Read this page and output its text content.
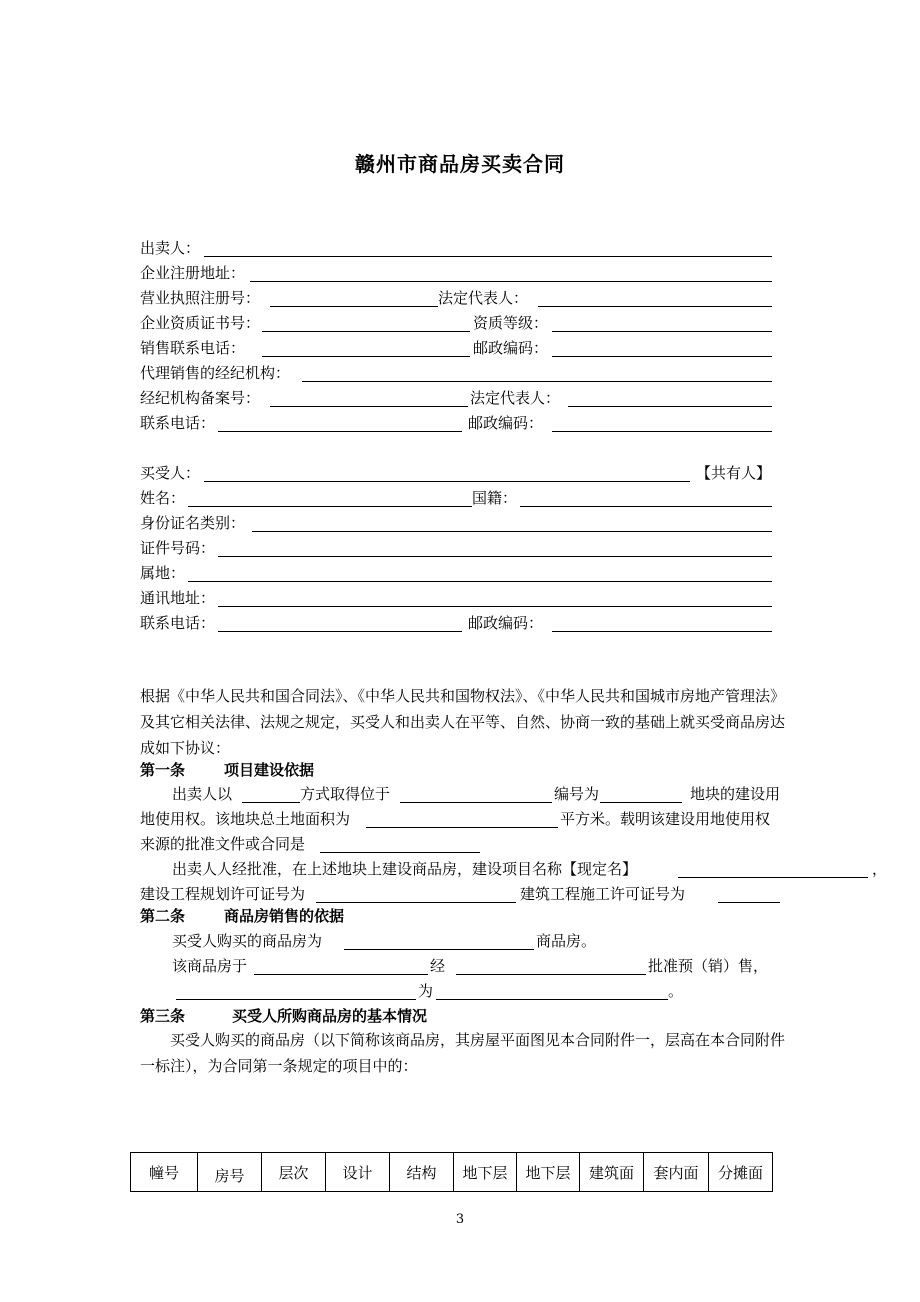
赣州市商品房买卖合同
出卖人：
企业注册地址：
营业执照注册号：	法定代表人：
企业资质证书号：	资质等级：
销售联系电话：	邮政编码：
代理销售的经纪机构：
经纪机构备案号：	法定代表人：
联系电话：	邮政编码：
买受人：	【共有人】
姓名：	国籍：
身份证名类别：
证件号码：
属地：
通讯地址：
联系电话：	邮政编码：
根据《中华人民共和国合同法》、《中华人民共和国物权法》、《中华人民共和国城市房地产管理法》及其它相关法律、法规之规定，买受人和出卖人在平等、自然、协商一致的基础上就买受商品房达成如下协议：
第一条	项目建设依据
出卖人以	方式取得位于	编号为	地块的建设用
地使用权。该地块总土地面积为	平方米。载明该建设用地使用权
来源的批准文件或合同是
出卖人人经批准，在上述地块上建设商品房，建设项目名称【现定名】	，
建设工程规划许可证号为	建筑工程施工许可证号为
第二条	商品房销售的依据
买受人购买的商品房为	商品房。
该商品房于	经	批准预（销）售，
为	。
第三条	买受人所购商品房的基本情况
买受人购买的商品房（以下简称该商品房，其房屋平面图见本合同附件一，层高在本合同附件一标注），为合同第一条规定的项目中的：
幢号	房号	层次	设计	结构	地下层	地下层	建筑面	套内面	分摊面
3
